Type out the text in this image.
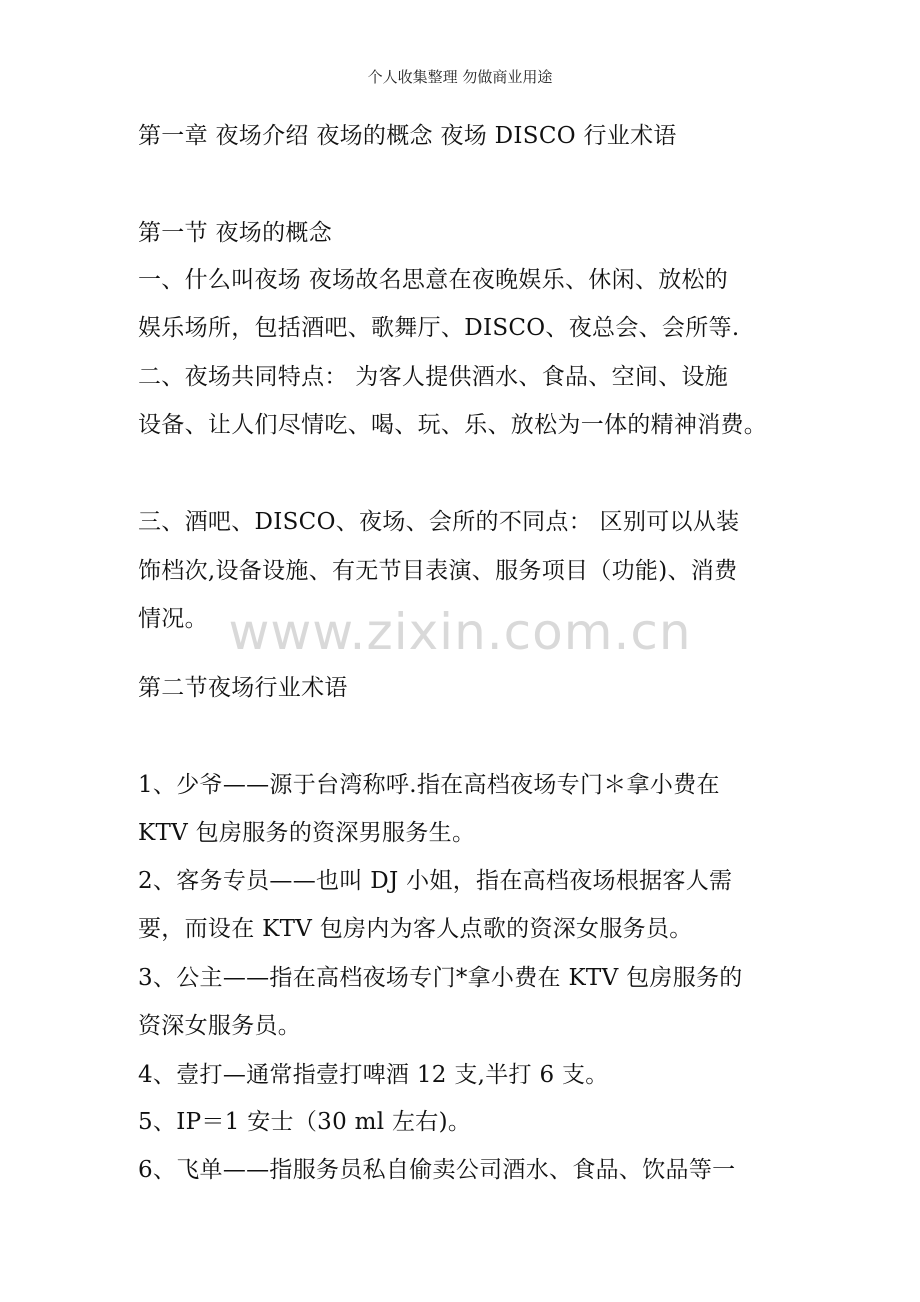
个人收集整理 勿做商业用途
第一章 夜场介绍 夜场的概念 夜场 DISCO 行业术语
第一节 夜场的概念
一、什么叫夜场 夜场故名思意在夜晚娱乐、休闲、放松的
娱乐场所，包括酒吧、歌舞厅、DISCO、夜总会、会所等.
二、夜场共同特点： 为客人提供酒水、食品、空间、设施
设备、让人们尽情吃、喝、玩、乐、放松为一体的精神消费。
三、酒吧、DISCO、夜场、会所的不同点： 区别可以从装
饰档次,设备设施、有无节目表演、服务项目（功能)、消费
情况。
第二节夜场行业术语
1、少爷——源于台湾称呼.指在高档夜场专门＊拿小费在
KTV 包房服务的资深男服务生。
2、客务专员——也叫 DJ 小姐，指在高档夜场根据客人需
要，而设在 KTV 包房内为客人点歌的资深女服务员。
3、公主——指在高档夜场专门*拿小费在 KTV 包房服务的
资深女服务员。
4、壹打—通常指壹打啤酒 12 支,半打 6 支。
5、IP＝1 安士（30 ml 左右)。
6、飞单——指服务员私自偷卖公司酒水、食品、饮品等一
www.zixin.com.cn
